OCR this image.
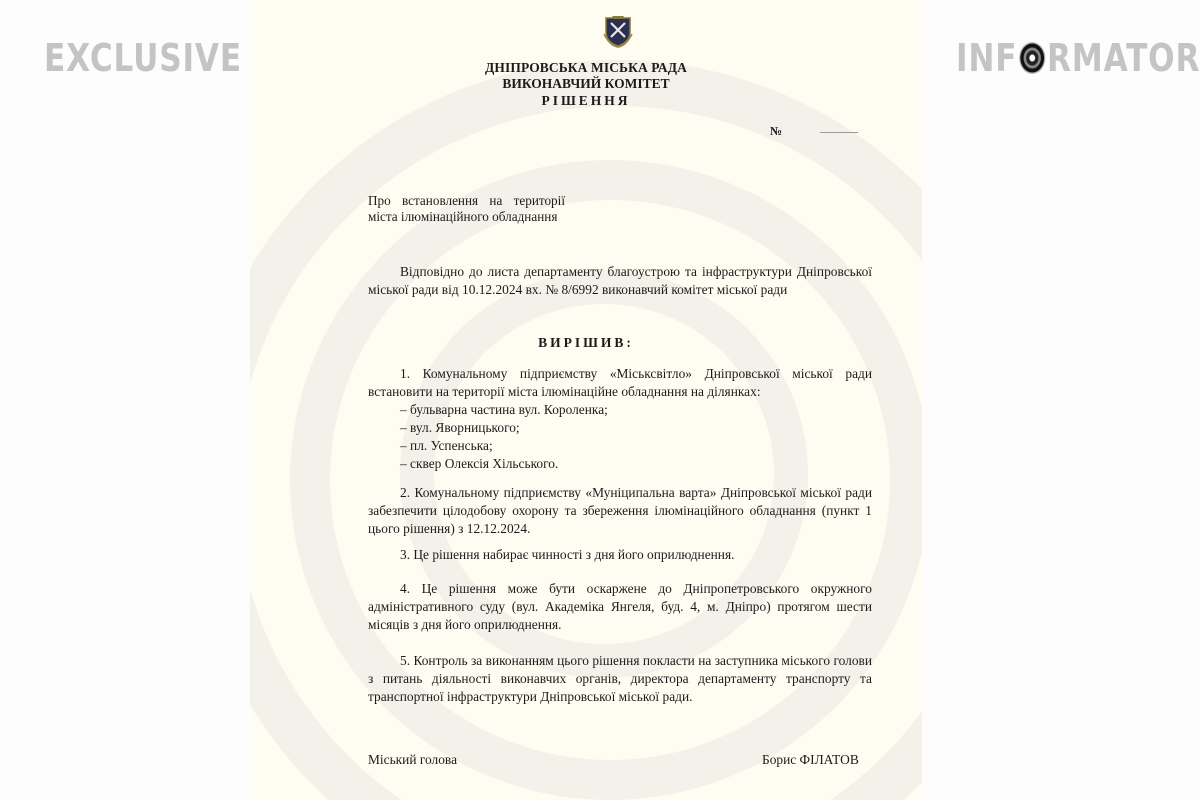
EXCLUSIVE	INF RMATOR
ДНІПРОВСЬКА МІСЬКА РАДА
ВИКОНАВЧИЙ КОМІТЕТ
РІШЕННЯ
№
Про встановлення на території
міста ілюмінаційного обладнання
Відповідно до листа департаменту благоустрою та інфраструктури Дніпровської міської ради від 10.12.2024 вх. № 8/6992 виконавчий комітет міської ради
ВИРІШИВ:
1. Комунальному підприємству «Міськсвітло» Дніпровської міської ради встановити на території міста ілюмінаційне обладнання на ділянках:
– бульварна частина вул. Короленка;
– вул. Яворницького;
– пл. Успенська;
– сквер Олексія Хільського.
2. Комунальному підприємству «Муніципальна варта» Дніпровської міської ради забезпечити цілодобову охорону та збереження ілюмінаційного обладнання (пункт 1 цього рішення) з 12.12.2024.
3. Це рішення набирає чинності з дня його оприлюднення.
4. Це рішення може бути оскаржене до Дніпропетровського окружного адміністративного суду (вул. Академіка Янгеля, буд. 4, м. Дніпро) протягом шести місяців з дня його оприлюднення.
5. Контроль за виконанням цього рішення покласти на заступника міського голови з питань діяльності виконавчих органів, директора департаменту транспорту та транспортної інфраструктури Дніпровської міської ради.
Міський голова	Борис ФІЛАТОВ
